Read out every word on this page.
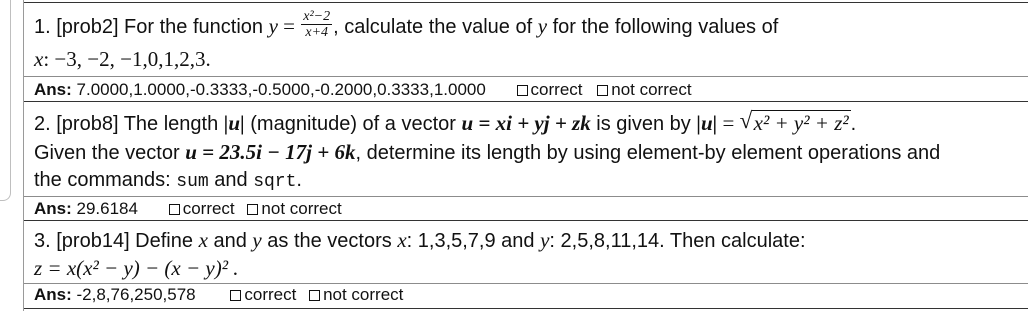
1. [prob2] For the function $y = \frac{\text{x²−2}}{x+4}$ , calculate the value of y for the following values of
x: −3, −2, −1,0,1,2,3.
Ans: 7.0000,1.0000,-0.3333,-0.5000,-0.2000,0.3333,1.0000	correct not correct
2. [prob8] The length |u| (magnitude) of a vector u = xi + yj + zk is given by |u| = √ x² + y² + z² .
Given the vector u = 23.5i − 17j + 6k, determine its length by using element-by element operations and
the commands: sum and sqrt.
Ans: 29.6184	correct not correct
3. [prob14] Define x and y as the vectors x: 1,3,5,7,9 and y: 2,5,8,11,14. Then calculate:
z = x(x² − y) − (x − y)² .
Ans: -2,8,76,250,578	correct not correct
